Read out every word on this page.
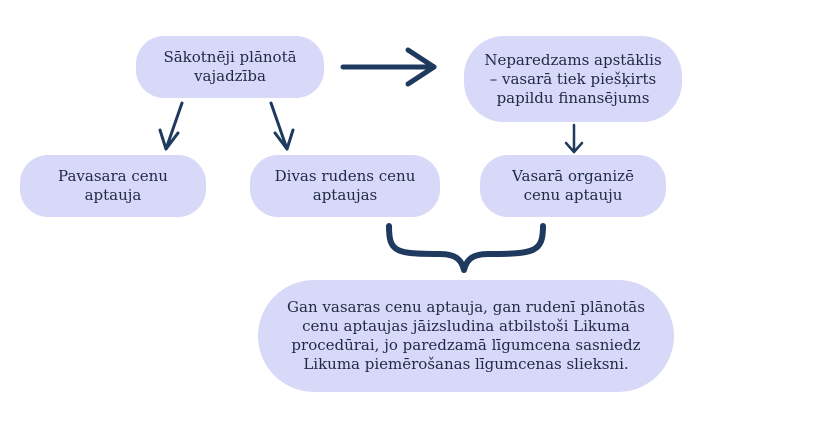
Sākotnēji plānotā
vajadzība
Neparedzams apstāklis
– vasarā tiek piešķirts
papildu finansējums
Pavasara cenu
aptauja
Divas rudens cenu
aptaujas
Vasarā organizē
cenu aptauju
Gan vasaras cenu aptauja, gan rudenī plānotās
cenu aptaujas jāizsludina atbilstoši Likuma
procedūrai, jo paredzamā līgumcena sasniedz
Likuma piemērošanas līgumcenas slieksni.
